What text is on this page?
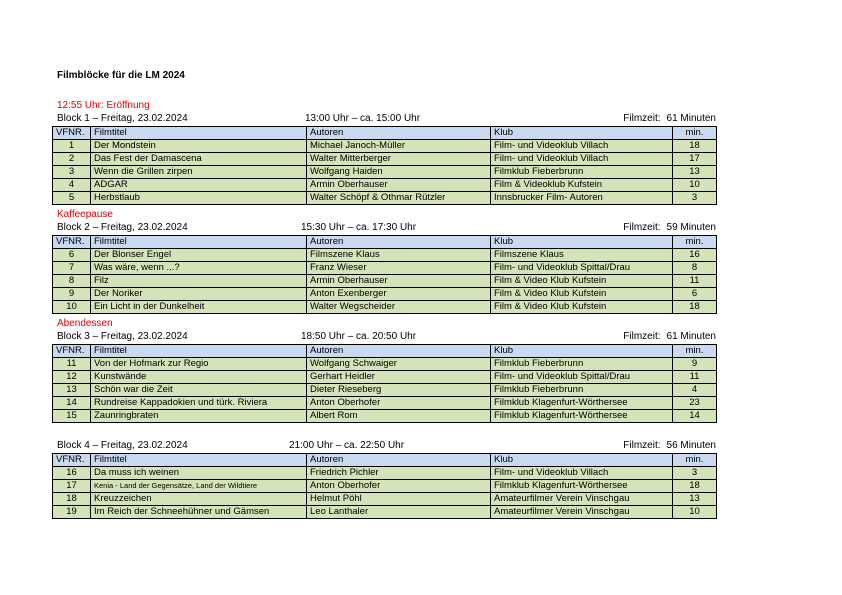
Filmblöcke für die LM 2024
12:55 Uhr: Eröffnung
Block 1 – Freitag, 23.02.2024	13:00 Uhr – ca. 15:00 Uhr	Filmzeit: 61 Minuten
VFNR.	Filmtitel	Autoren	Klub	min.
1	Der Mondstein	Michael Janoch-Müller	Film- und Videoklub Villach	18
2	Das Fest der Damascena	Walter Mitterberger	Film- und Videoklub Villach	17
3	Wenn die Grillen zirpen	Wolfgang Haiden	Filmklub Fieberbrunn	13
4	ADGAR	Armin Oberhauser	Film & Videoklub Kufstein	10
5	Herbstlaub	Walter Schöpf & Othmar Rützler	Innsbrucker Film- Autoren	3
Kaffeepause
Block 2 – Freitag, 23.02.2024	15:30 Uhr – ca. 17:30 Uhr	Filmzeit: 59 Minuten
VFNR.	Filmtitel	Autoren	Klub	min.
6	Der Blonser Engel	Filmszene Klaus	Filmszene Klaus	16
7	Was wäre, wenn ...?	Franz Wieser	Film- und Videoklub Spittal/Drau	8
8	Filz	Armin Oberhauser	Film & Video Klub Kufstein	11
9	Der Noriker	Anton Exenberger	Film & Video Klub Kufstein	6
10	Ein Licht in der Dunkelheit	Walter Wegscheider	Film & Video Klub Kufstein	18
Abendessen
Block 3 – Freitag, 23.02.2024	18:50 Uhr – ca. 20:50 Uhr	Filmzeit: 61 Minuten
VFNR.	Filmtitel	Autoren	Klub	min.
11	Von der Hofmark zur Regio	Wolfgang Schwaiger	Filmklub Fieberbrunn	9
12	Kunstwände	Gerhart Heidler	Film- und Videoklub Spittal/Drau	11
13	Schön war die Zeit	Dieter Rieseberg	Filmklub Fieberbrunn	4
14	Rundreise Kappadokien und türk. Riviera	Anton Oberhofer	Filmklub Klagenfurt-Wörthersee	23
15	Zaunringbraten	Albert Rom	Filmklub Klagenfurt-Wörthersee	14
Block 4 – Freitag, 23.02.2024	21:00 Uhr – ca. 22:50 Uhr	Filmzeit: 56 Minuten
VFNR.	Filmtitel	Autoren	Klub	min.
16	Da muss ich weinen	Friedrich Pichler	Film- und Videoklub Villach	3
17	Kenia - Land der Gegensätze, Land der Wildtiere	Anton Oberhofer	Filmklub Klagenfurt-Wörthersee	18
18	Kreuzzeichen	Helmut Pöhl	Amateurfilmer Verein Vinschgau	13
19	Im Reich der Schneehühner und Gämsen	Leo Lanthaler	Amateurfilmer Verein Vinschgau	10
